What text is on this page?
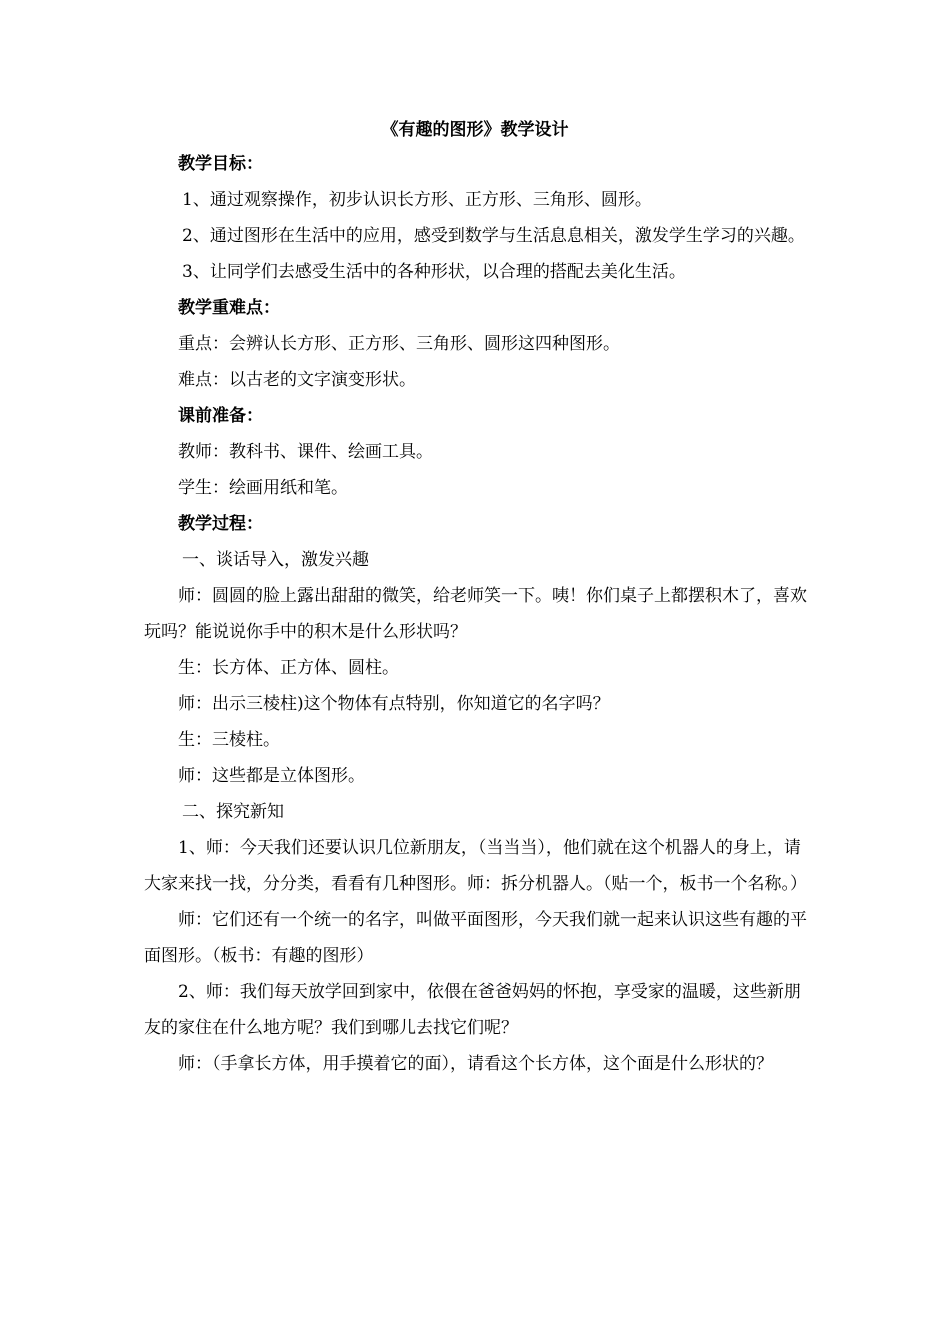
《有趣的图形》教学设计

教学目标：

1、通过观察操作，初步认识长方形、正方形、三角形、圆形。

2、通过图形在生活中的应用，感受到数学与生活息息相关，激发学生学习的兴趣。

3、让同学们去感受生活中的各种形状，以合理的搭配去美化生活。

教学重难点：

重点：会辨认长方形、正方形、三角形、圆形这四种图形。

难点：以古老的文字演变形状。

课前准备：

教师：教科书、课件、绘画工具。

学生：绘画用纸和笔。

教学过程：

一、谈话导入，激发兴趣

师：圆圆的脸上露出甜甜的微笑，给老师笑一下。咦！你们桌子上都摆积木了，喜欢玩吗？能说说你手中的积木是什么形状吗？

生：长方体、正方体、圆柱。

师：出示三棱柱)这个物体有点特别，你知道它的名字吗？

生：三棱柱。

师：这些都是立体图形。

二、探究新知

1、师：今天我们还要认识几位新朋友，（当当当），他们就在这个机器人的身上，请大家来找一找，分分类，看看有几种图形。师：拆分机器人。（贴一个，板书一个名称。）

师：它们还有一个统一的名字，叫做平面图形，今天我们就一起来认识这些有趣的平面图形。（板书：有趣的图形）

2、师：我们每天放学回到家中，依偎在爸爸妈妈的怀抱，享受家的温暖，这些新朋友的家住在什么地方呢？我们到哪儿去找它们呢？

师：（手拿长方体，用手摸着它的面），请看这个长方体，这个面是什么形状的？
